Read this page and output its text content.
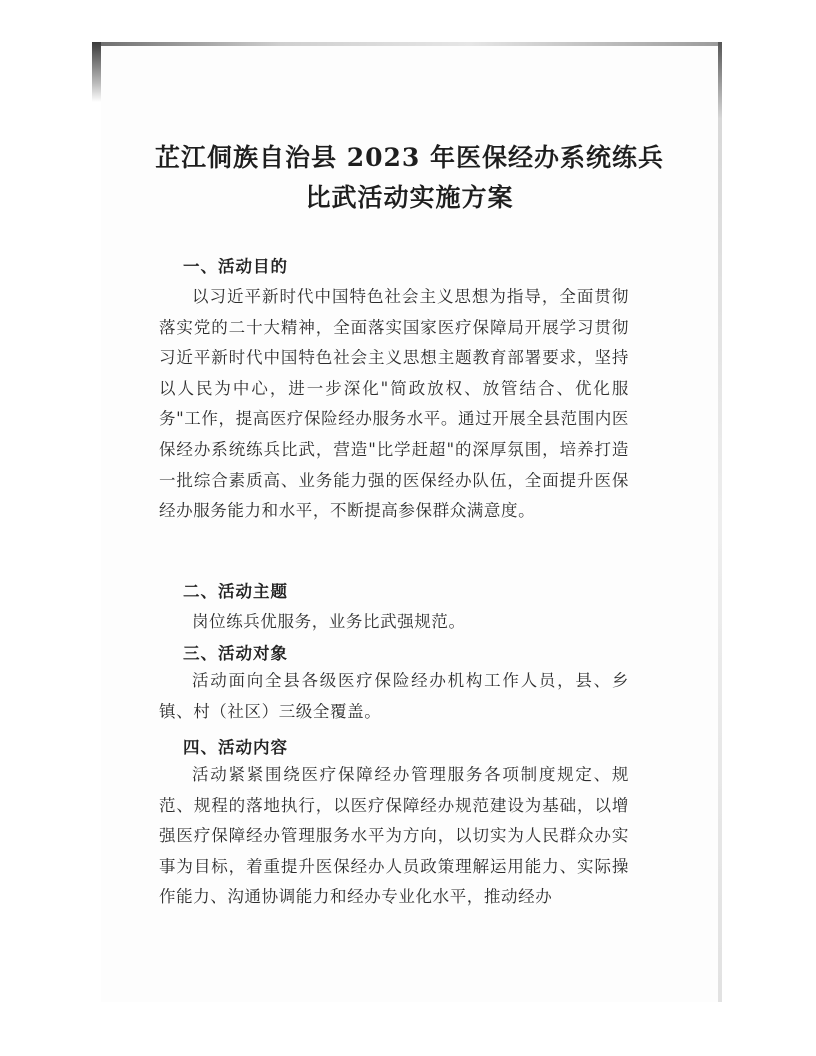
芷江侗族自治县 2023 年医保经办系统练兵
比武活动实施方案
一、活动目的
以习近平新时代中国特色社会主义思想为指导，全面贯彻落实党的二十大精神，全面落实国家医疗保障局开展学习贯彻习近平新时代中国特色社会主义思想主题教育部署要求，坚持以人民为中心，进一步深化"简政放权、放管结合、优化服务"工作，提高医疗保险经办服务水平。通过开展全县范围内医保经办系统练兵比武，营造"比学赶超"的深厚氛围，培养打造一批综合素质高、业务能力强的医保经办队伍，全面提升医保经办服务能力和水平，不断提高参保群众满意度。
二、活动主题
岗位练兵优服务，业务比武强规范。
三、活动对象
活动面向全县各级医疗保险经办机构工作人员，县、乡镇、村（社区）三级全覆盖。
四、活动内容
活动紧紧围绕医疗保障经办管理服务各项制度规定、规范、规程的落地执行，以医疗保障经办规范建设为基础，以增强医疗保障经办管理服务水平为方向，以切实为人民群众办实事为目标，着重提升医保经办人员政策理解运用能力、实际操作能力、沟通协调能力和经办专业化水平，推动经办
